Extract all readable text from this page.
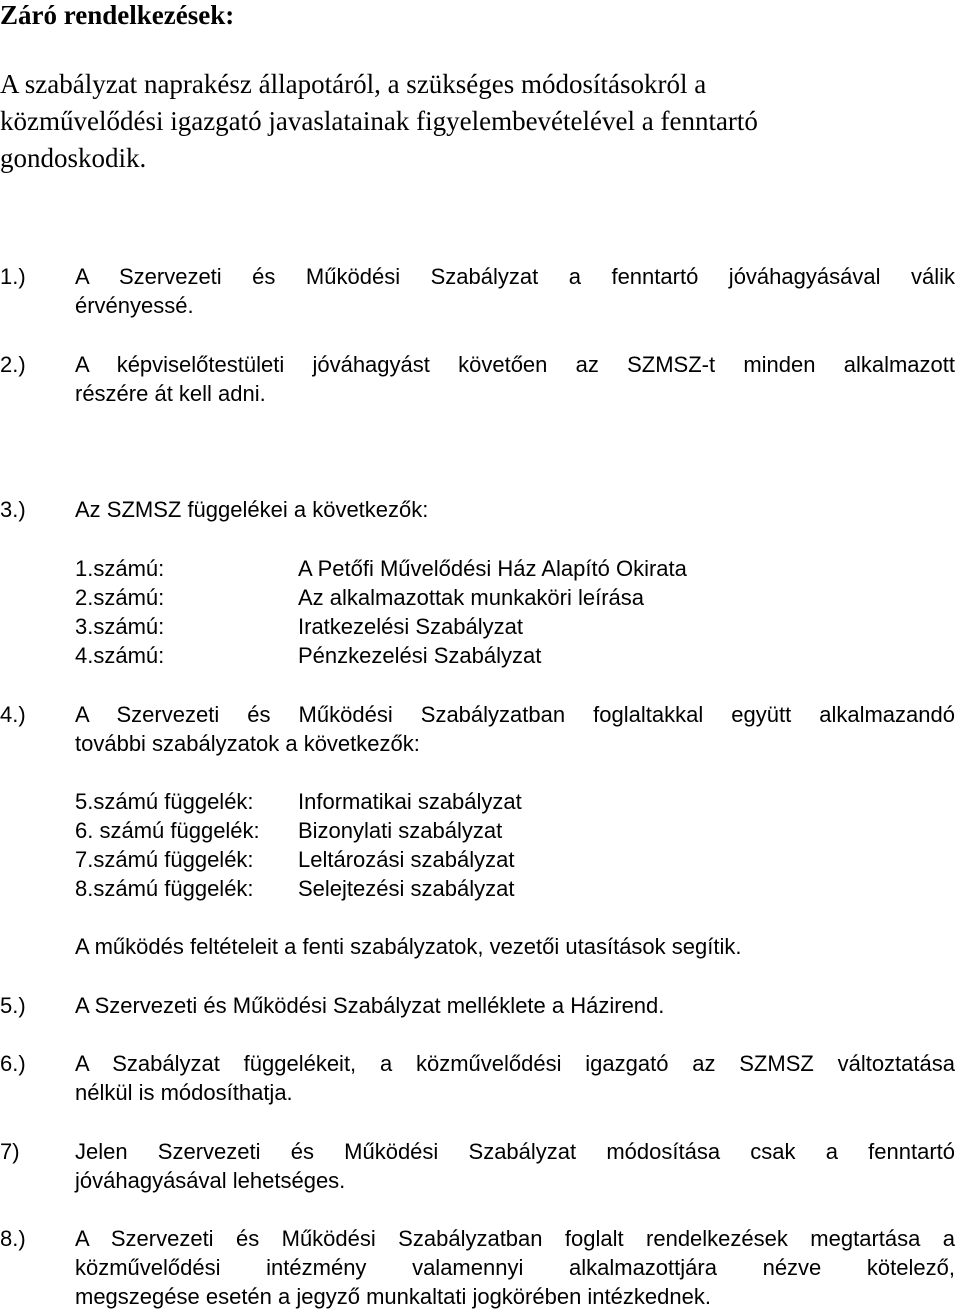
Záró rendelkezések:
A szabályzat naprakész állapotáról, a szükséges módosításokról a
közművelődési igazgató javaslatainak figyelembevételével a fenntartó
gondoskodik.
1.) A Szervezeti és Működési Szabályzat a fenntartó jóváhagyásával válik
érvényessé.
2.) A képviselőtestületi jóváhagyást követően az SZMSZ-t minden alkalmazott
részére át kell adni.
3.) Az SZMSZ függelékei a következők:
1.számú:	A Petőfi Művelődési Ház Alapító Okirata
2.számú:	Az alkalmazottak munkaköri leírása
3.számú:	Iratkezelési Szabályzat
4.számú:	Pénzkezelési Szabályzat
4.) A Szervezeti és Működési Szabályzatban foglaltakkal együtt alkalmazandó
további szabályzatok a következők:
5.számú függelék: Informatikai szabályzat
6. számú függelék: Bizonylati szabályzat
7.számú függelék: Leltározási szabályzat
8.számú függelék: Selejtezési szabályzat
A működés feltételeit a fenti szabályzatok, vezetői utasítások segítik.
5.) A Szervezeti és Működési Szabályzat melléklete a Házirend.
6.) A Szabályzat függelékeit, a közművelődési igazgató az SZMSZ változtatása
nélkül is módosíthatja.
7)	Jelen Szervezeti és Működési Szabályzat módosítása csak a fenntartó
jóváhagyásával lehetséges.
8.) A Szervezeti és Működési Szabályzatban foglalt rendelkezések megtartása a
közművelődési intézmény valamennyi alkalmazottjára nézve kötelező,
megszegése esetén a jegyző munkaltati jogkörében intézkednek.
